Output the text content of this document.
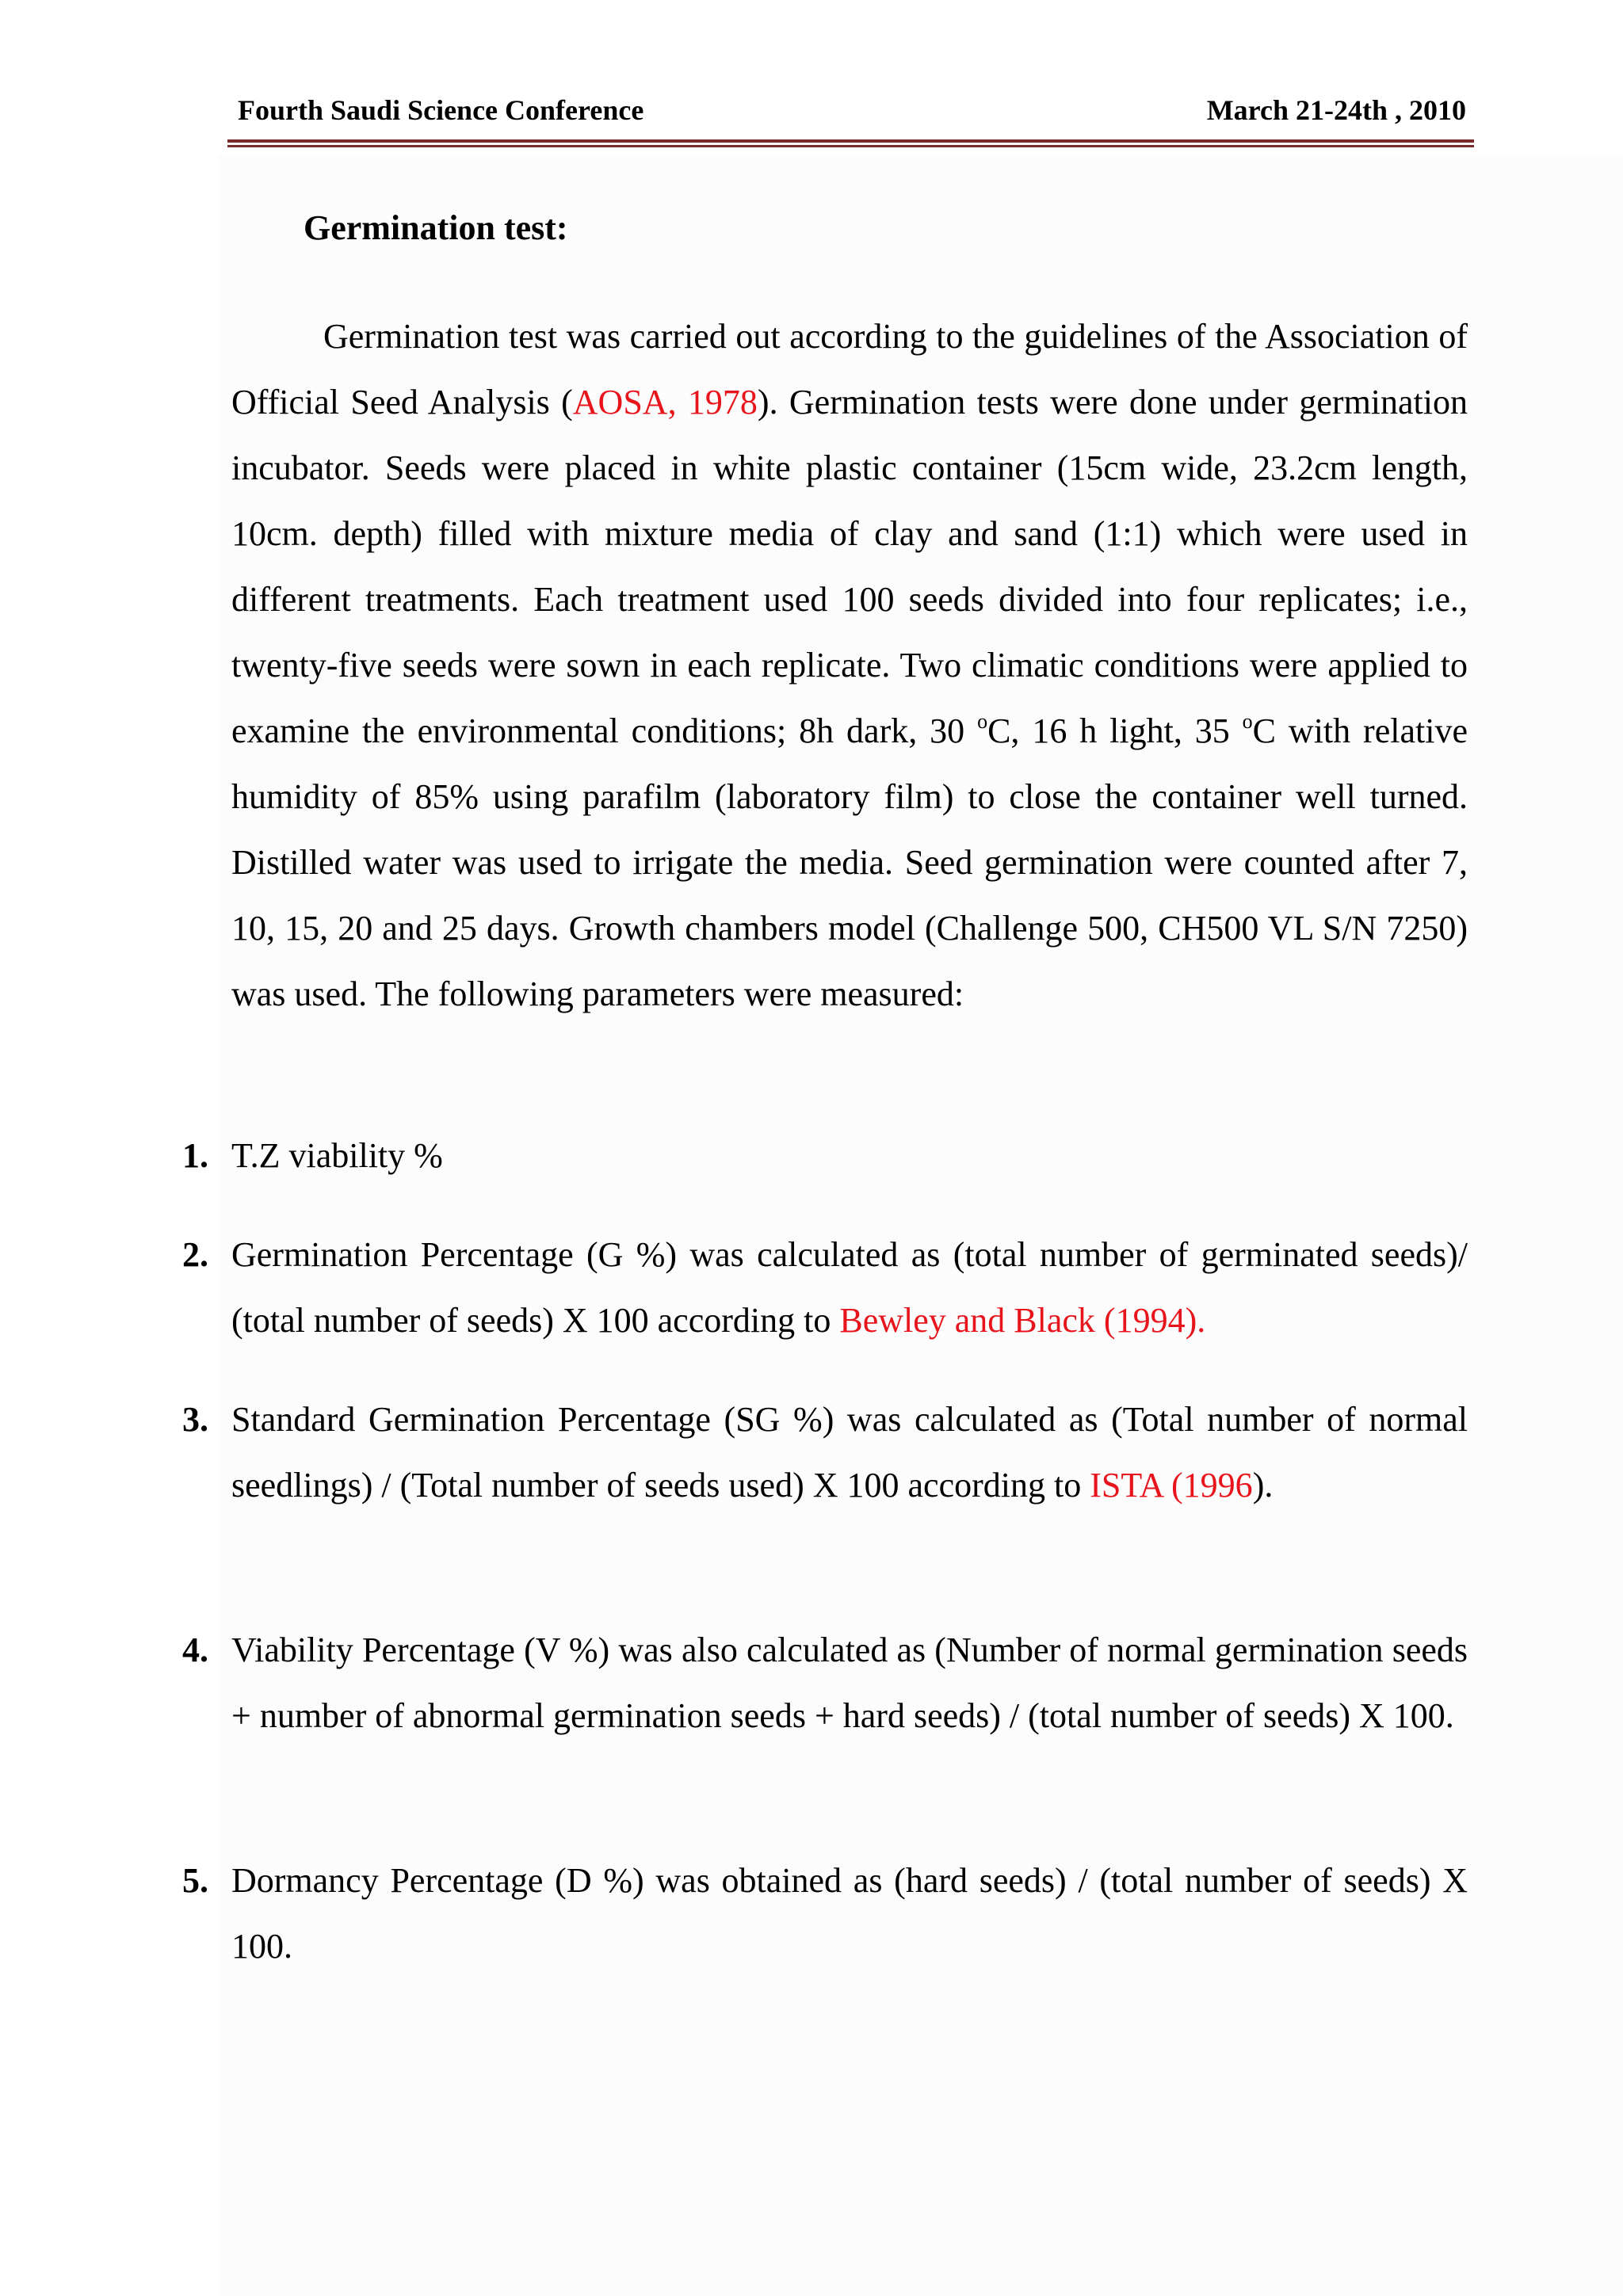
Fourth Saudi Science Conference	March 21-24th , 2010
Germination test:

Germination test was carried out according to the guidelines of the Association of Official Seed Analysis (AOSA, 1978). Germination tests were done under germination incubator. Seeds were placed in white plastic container (15cm wide, 23.2cm length, 10cm. depth) filled with mixture media of clay and sand (1:1) which were used in different treatments. Each treatment used 100 seeds divided into four replicates; i.e., twenty-five seeds were sown in each replicate. Two climatic conditions were applied to examine the environmental conditions; 8h dark, 30 $^o$C, 16 h light, 35 $^o$C with relative humidity of 85% using parafilm (laboratory film) to close the container well turned. Distilled water was used to irrigate the media. Seed germination were counted after 7, 10, 15, 20 and 25 days. Growth chambers model (Challenge 500, CH500 VL S/N 7250) was used. The following parameters were measured:

1. T.Z viability %

2. Germination Percentage (G %) was calculated as (total number of germinated seeds)/ (total number of seeds) X 100 according to Bewley and Black (1994).

3. Standard Germination Percentage (SG %) was calculated as (Total number of normal seedlings) / (Total number of seeds used) X 100 according to ISTA (1996).

4. Viability Percentage (V %) was also calculated as (Number of normal germination seeds + number of abnormal germination seeds + hard seeds) / (total number of seeds) X 100.

5. Dormancy Percentage (D %) was obtained as (hard seeds) / (total number of seeds) X 100.
